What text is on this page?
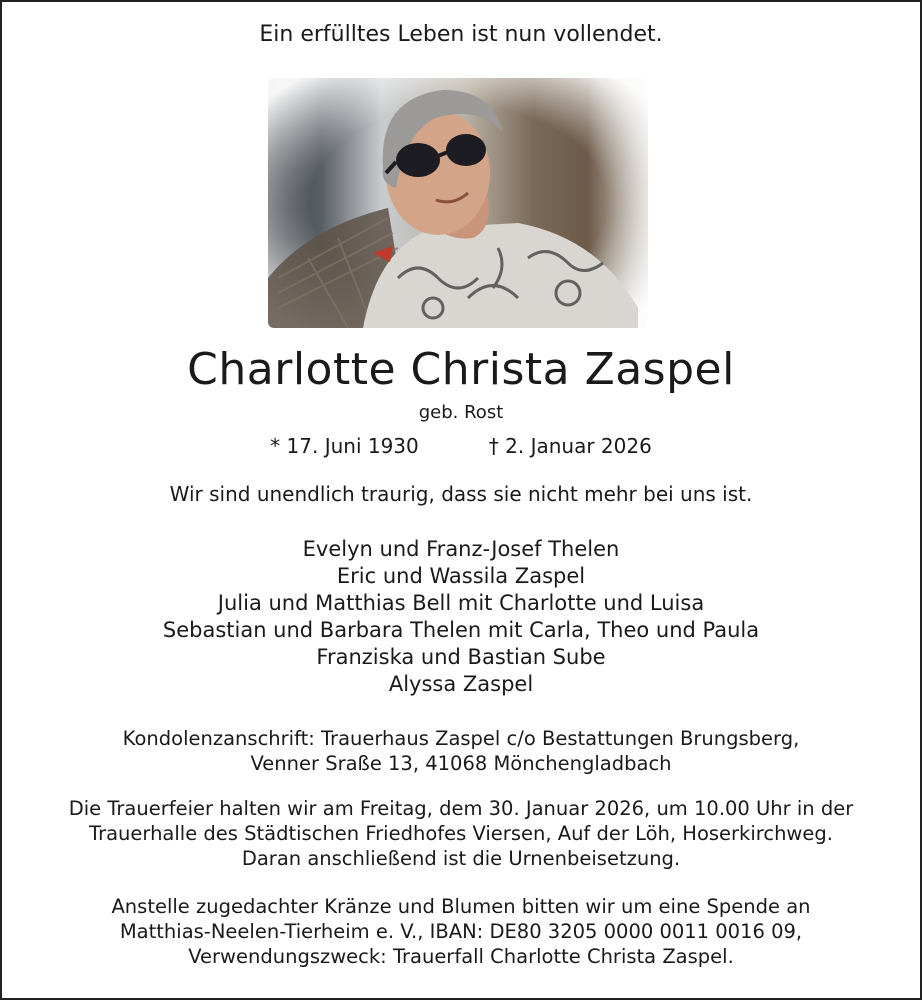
Ein erfülltes Leben ist nun vollendet.
Charlotte Christa Zaspel
geb. Rost
* 17. Juni 1930	† 2. Januar 2026
Wir sind unendlich traurig, dass sie nicht mehr bei uns ist.
Evelyn und Franz-Josef Thelen
Eric und Wassila Zaspel
Julia und Matthias Bell mit Charlotte und Luisa
Sebastian und Barbara Thelen mit Carla, Theo und Paula
Franziska und Bastian Sube
Alyssa Zaspel
Kondolenzanschrift: Trauerhaus Zaspel c/o Bestattungen Brungsberg,
Venner Sraße 13, 41068 Mönchengladbach
Die Trauerfeier halten wir am Freitag, dem 30. Januar 2026, um 10.00 Uhr in der
Trauerhalle des Städtischen Friedhofes Viersen, Auf der Löh, Hoserkirchweg.
Daran anschließend ist die Urnenbeisetzung.
Anstelle zugedachter Kränze und Blumen bitten wir um eine Spende an
Matthias-Neelen-Tierheim e. V., IBAN: DE80 3205 0000 0011 0016 09,
Verwendungszweck: Trauerfall Charlotte Christa Zaspel.
